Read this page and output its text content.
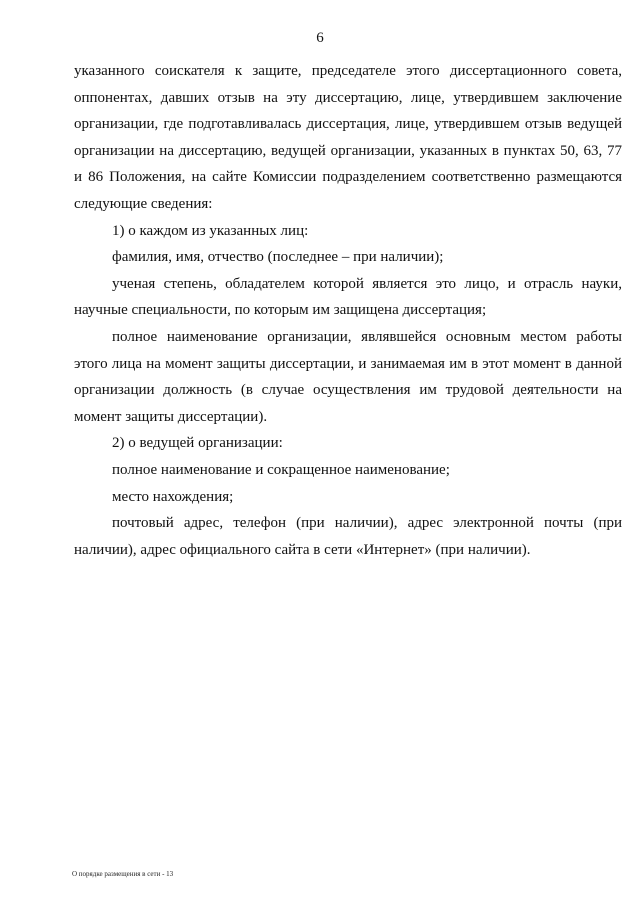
6

указанного соискателя к защите, председателе этого диссертационного совета, оппонентах, давших отзыв на эту диссертацию, лице, утвердившем заключение организации, где подготавливалась диссертация, лице, утвердившем отзыв ведущей организации на диссертацию, ведущей организации, указанных в пунктах 50, 63, 77 и 86 Положения, на сайте Комиссии подразделением соответственно размещаются следующие сведения:

1) о каждом из указанных лиц:

фамилия, имя, отчество (последнее – при наличии);

ученая степень, обладателем которой является это лицо, и отрасль науки, научные специальности, по которым им защищена диссертация;

полное наименование организации, являвшейся основным местом работы этого лица на момент защиты диссертации, и занимаемая им в этот момент в данной организации должность (в случае осуществления им трудовой деятельности на момент защиты диссертации).

2) о ведущей организации:

полное наименование и сокращенное наименование;

место нахождения;

почтовый адрес, телефон (при наличии), адрес электронной почты (при наличии), адрес официального сайта в сети «Интернет» (при наличии).

О порядке размещения в сети - 13
